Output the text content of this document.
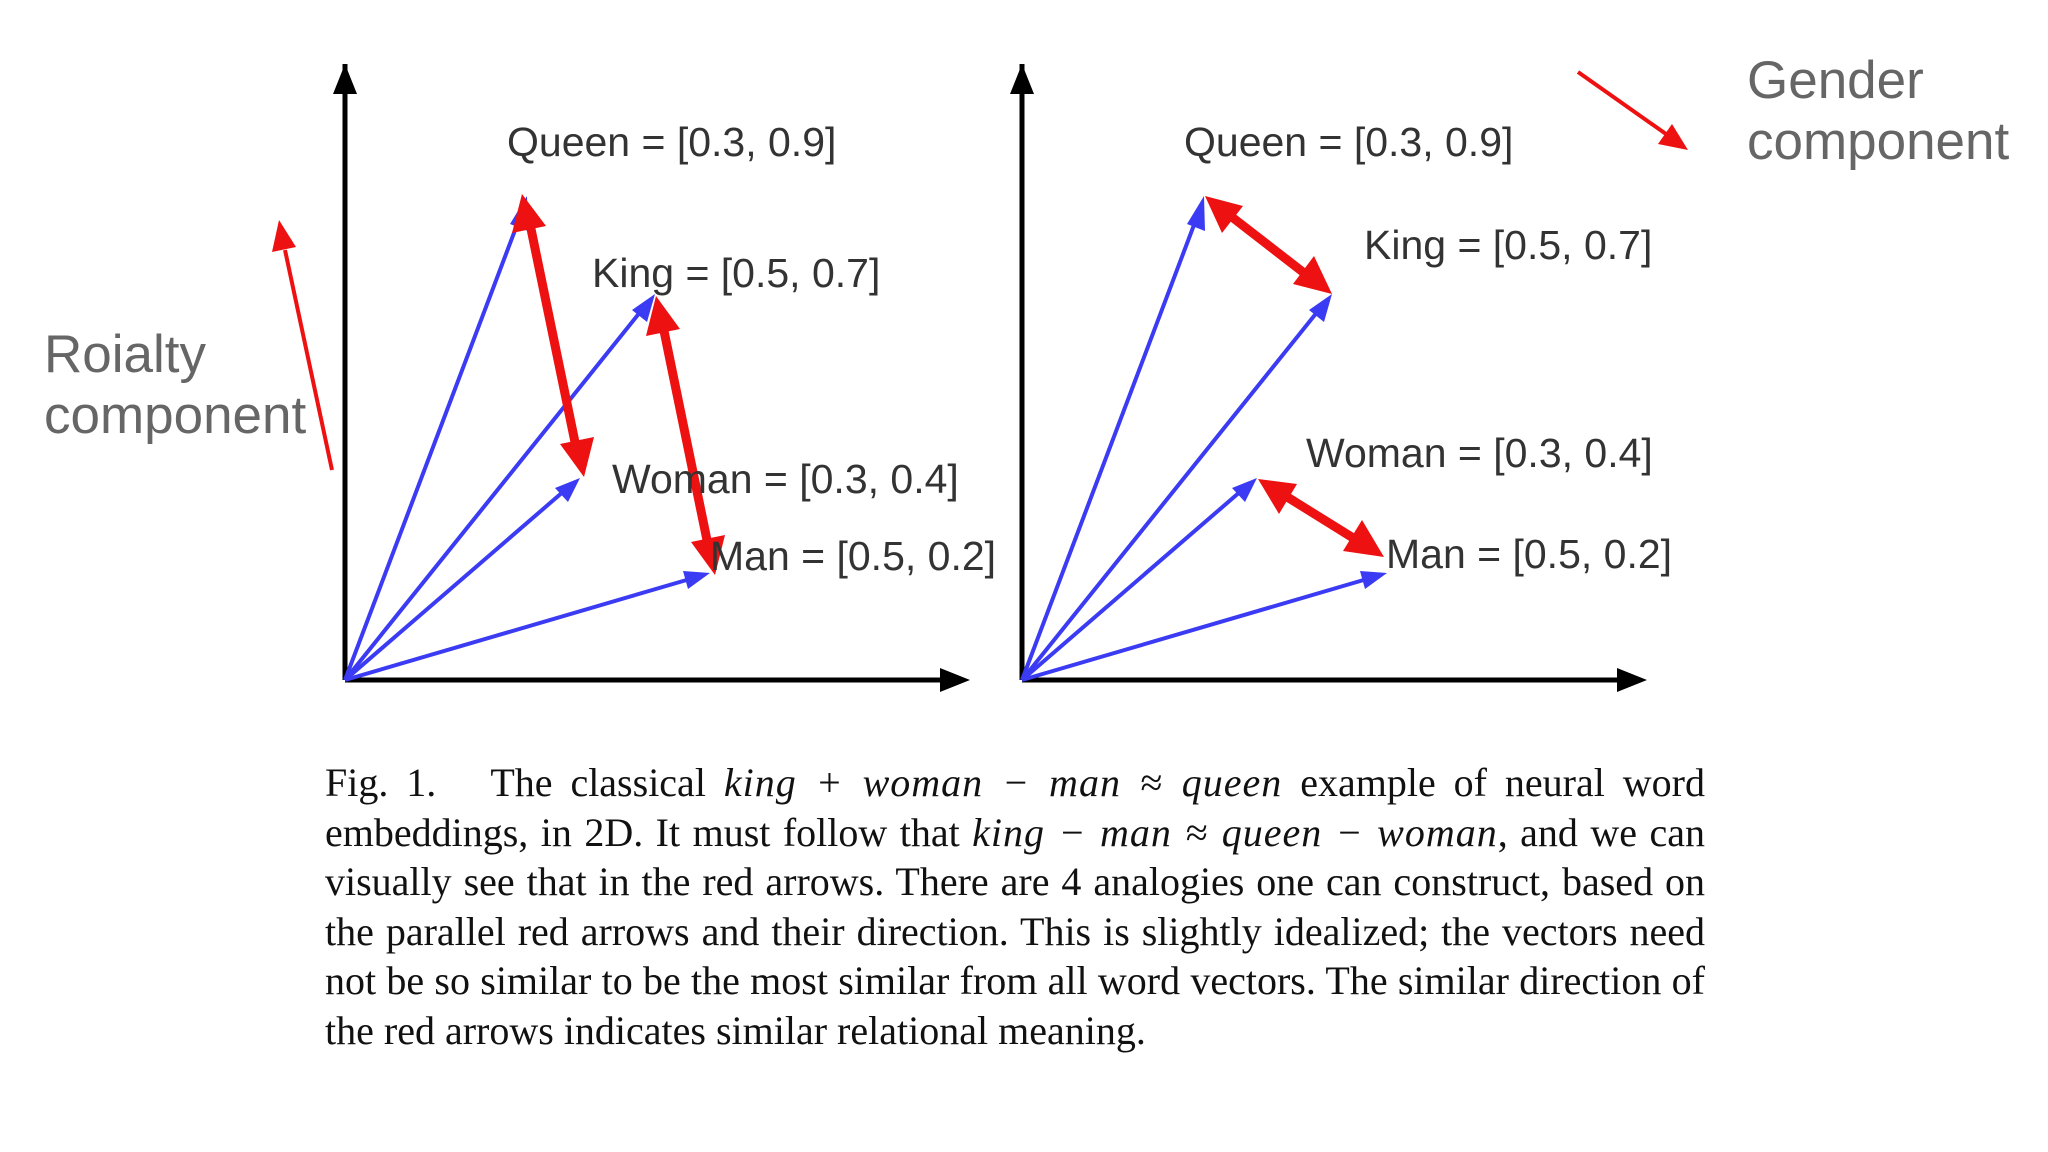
Queen = [0.3, 0.9]
King = [0.5, 0.7]
Woman = [0.3, 0.4]
Man = [0.5, 0.2]
Queen = [0.3, 0.9]
King = [0.5, 0.7]
Woman = [0.3, 0.4]
Man = [0.5, 0.2]
Roialty
component
Gender
component
Fig. 1. The classical king + woman − man ≈ queen example of neural word embeddings, in 2D. It must follow that king − man ≈ queen − woman, and we can visually see that in the red arrows. There are 4 analogies one can construct, based on the parallel red arrows and their direction. This is slightly idealized; the vectors need not be so similar to be the most similar from all word vectors. The similar direction of the red arrows indicates similar relational meaning.
